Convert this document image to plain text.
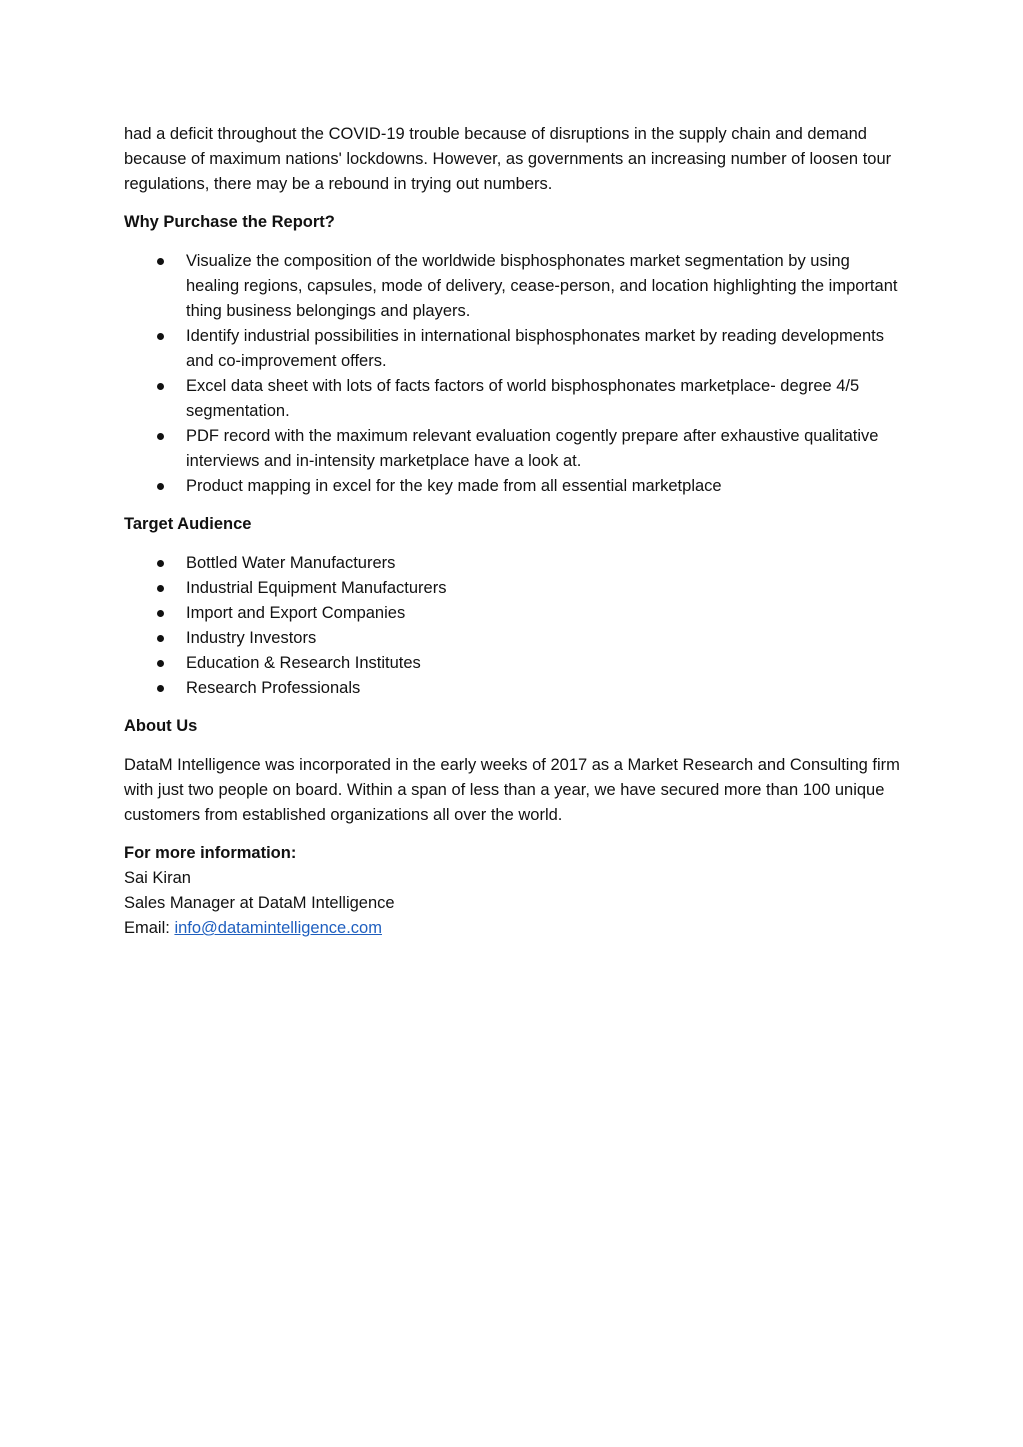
had a deficit throughout the COVID-19 trouble because of disruptions in the supply chain and demand because of maximum nations' lockdowns. However, as governments an increasing number of loosen tour regulations, there may be a rebound in trying out numbers.

Why Purchase the Report?

Visualize the composition of the worldwide bisphosphonates market segmentation by using healing regions, capsules, mode of delivery, cease-person, and location highlighting the important thing business belongings and players.
Identify industrial possibilities in international bisphosphonates market by reading developments and co-improvement offers.
Excel data sheet with lots of facts factors of world bisphosphonates marketplace- degree 4/5 segmentation.
PDF record with the maximum relevant evaluation cogently prepare after exhaustive qualitative interviews and in-intensity marketplace have a look at.
Product mapping in excel for the key made from all essential marketplace

Target Audience

Bottled Water Manufacturers
Industrial Equipment Manufacturers
Import and Export Companies
Industry Investors
Education & Research Institutes
Research Professionals

About Us

DataM Intelligence was incorporated in the early weeks of 2017 as a Market Research and Consulting firm with just two people on board. Within a span of less than a year, we have secured more than 100 unique customers from established organizations all over the world.

For more information:
Sai Kiran
Sales Manager at DataM Intelligence
Email: info@datamintelligence.com
